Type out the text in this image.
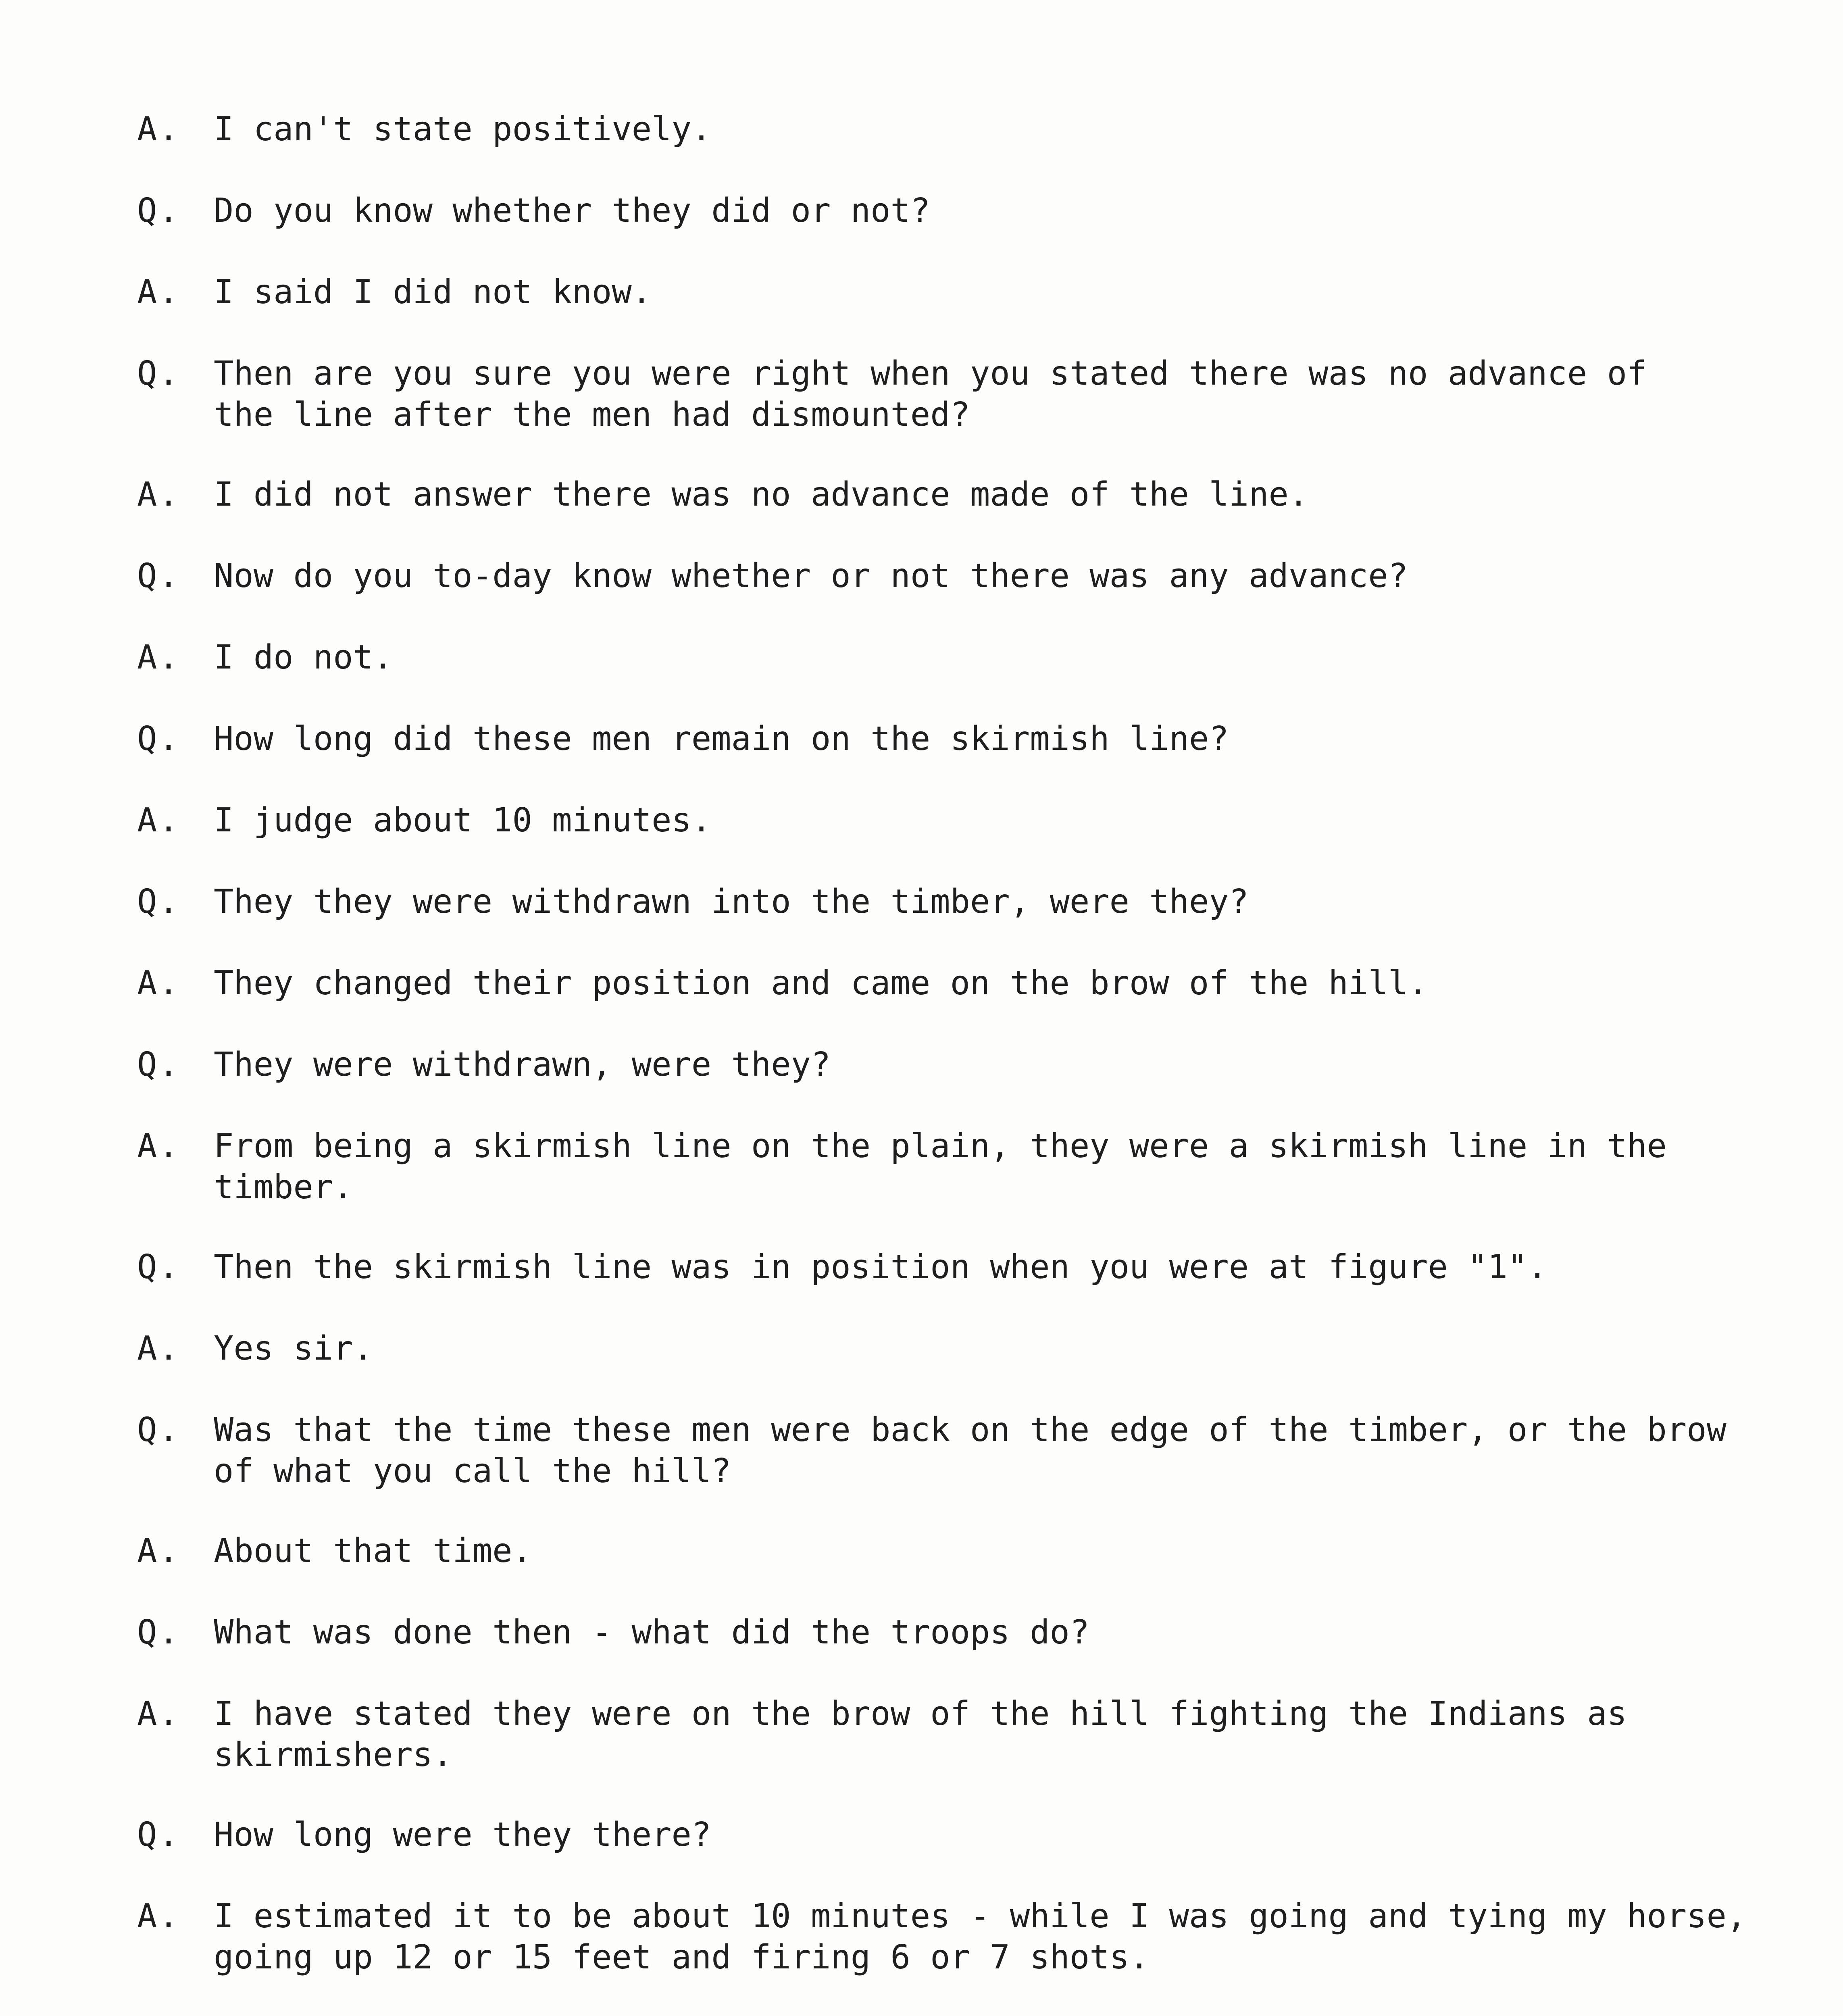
A.	I can't state positively.
Q.	Do you know whether they did or not?
A.	I said I did not know.
Q.	Then are you sure you were right when you stated there was no advance of
the line after the men had dismounted?
A.	I did not answer there was no advance made of the line.
Q.	Now do you to-day know whether or not there was any advance?
A.	I do not.
Q.	How long did these men remain on the skirmish line?
A.	I judge about 10 minutes.
Q.	They they were withdrawn into the timber, were they?
A.	They changed their position and came on the brow of the hill.
Q.	They were withdrawn, were they?
A.	From being a skirmish line on the plain, they were a skirmish line in the
timber.
Q.	Then the skirmish line was in position when you were at figure "1".
A.	Yes sir.
Q.	Was that the time these men were back on the edge of the timber, or the brow
of what you call the hill?
A.	About that time.
Q.	What was done then - what did the troops do?
A.	I have stated they were on the brow of the hill fighting the Indians as
skirmishers.
Q.	How long were they there?
A.	I estimated it to be about 10 minutes - while I was going and tying my horse,
going up 12 or 15 feet and firing 6 or 7 shots.
